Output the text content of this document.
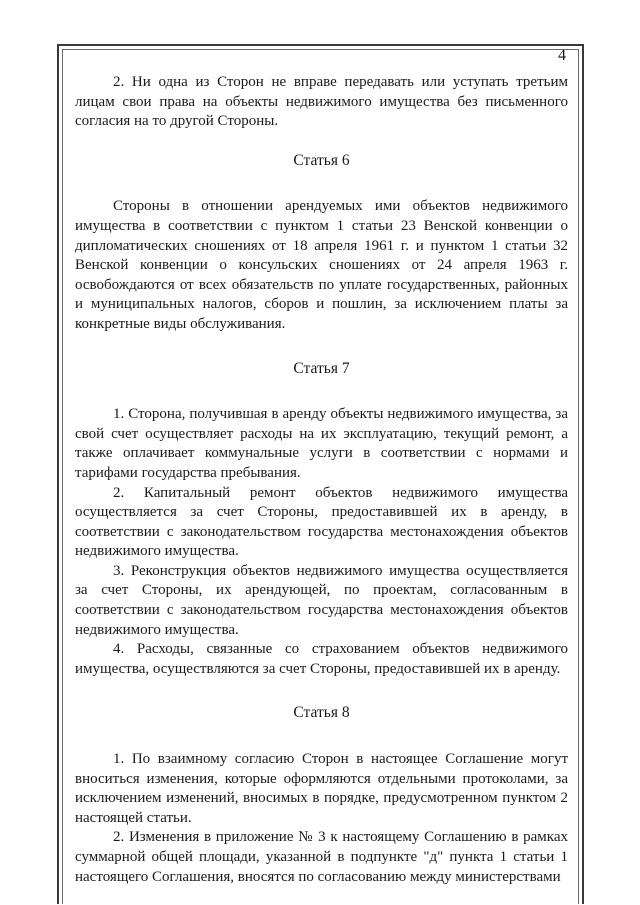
4

2. Ни одна из Сторон не вправе передавать или уступать третьим лицам свои права на объекты недвижимого имущества без письменного согласия на то другой Стороны.

Статья 6

Стороны в отношении арендуемых ими объектов недвижимого имущества в соответствии с пунктом 1 статьи 23 Венской конвенции о дипломатических сношениях от 18 апреля 1961 г. и пунктом 1 статьи 32 Венской конвенции о консульских сношениях от 24 апреля 1963 г. освобождаются от всех обязательств по уплате государственных, районных и муниципальных налогов, сборов и пошлин, за исключением платы за конкретные виды обслуживания.

Статья 7

1. Сторона, получившая в аренду объекты недвижимого имущества, за свой счет осуществляет расходы на их эксплуатацию, текущий ремонт, а также оплачивает коммунальные услуги в соответствии с нормами и тарифами государства пребывания.

2. Капитальный ремонт объектов недвижимого имущества осуществляется за счет Стороны, предоставившей их в аренду, в соответствии с законодательством государства местонахождения объектов недвижимого имущества.

3. Реконструкция объектов недвижимого имущества осуществляется за счет Стороны, их арендующей, по проектам, согласованным в соответствии с законодательством государства местонахождения объектов недвижимого имущества.

4. Расходы, связанные со страхованием объектов недвижимого имущества, осуществляются за счет Стороны, предоставившей их в аренду.

Статья 8

1. По взаимному согласию Сторон в настоящее Соглашение могут вноситься изменения, которые оформляются отдельными протоколами, за исключением изменений, вносимых в порядке, предусмотренном пунктом 2 настоящей статьи.

2. Изменения в приложение № 3 к настоящему Соглашению в рамках суммарной общей площади, указанной в подпункте "д" пункта 1 статьи 1 настоящего Соглашения, вносятся по согласованию между министерствами
